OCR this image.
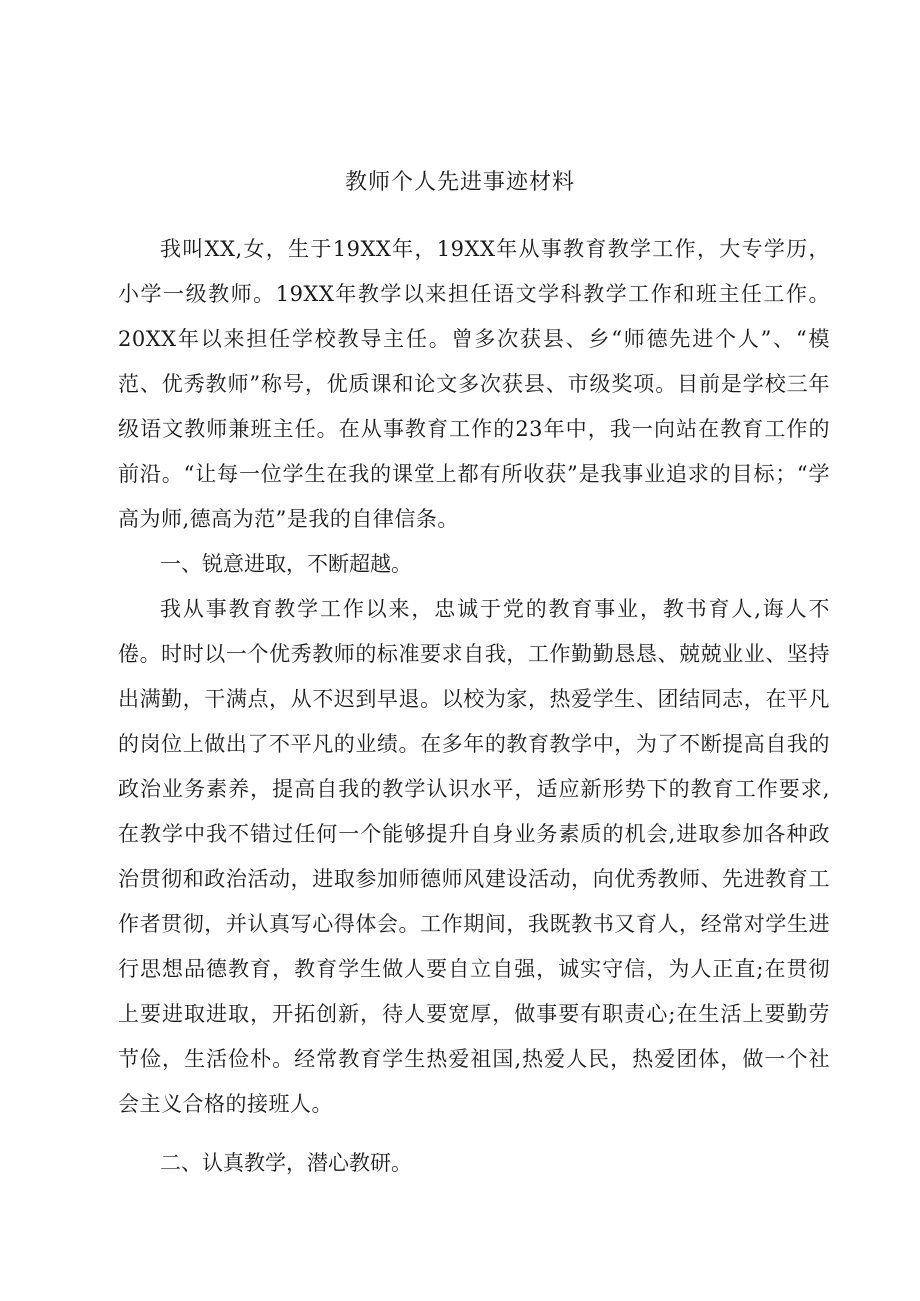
教师个人先进事迹材料

我叫XX,女，生于19XX年，19XX年从事教育教学工作，大专学历，小学一级教师。19XX年教学以来担任语文学科教学工作和班主任工作。20XX年以来担任学校教导主任。曾多次获县、乡“师德先进个人”、“模范、优秀教师”称号，优质课和论文多次获县、市级奖项。目前是学校三年级语文教师兼班主任。在从事教育工作的23年中，我一向站在教育工作的前沿。“让每一位学生在我的课堂上都有所收获”是我事业追求的目标；“学高为师,德高为范”是我的自律信条。

一、锐意进取，不断超越。

我从事教育教学工作以来，忠诚于党的教育事业，教书育人,诲人不倦。时时以一个优秀教师的标准要求自我，工作勤勤恳恳、兢兢业业、坚持出满勤，干满点，从不迟到早退。以校为家，热爱学生、团结同志，在平凡的岗位上做出了不平凡的业绩。在多年的教育教学中，为了不断提高自我的政治业务素养，提高自我的教学认识水平，适应新形势下的教育工作要求,在教学中我不错过任何一个能够提升自身业务素质的机会,进取参加各种政治贯彻和政治活动，进取参加师德师风建设活动，向优秀教师、先进教育工作者贯彻，并认真写心得体会。工作期间，我既教书又育人，经常对学生进行思想品德教育，教育学生做人要自立自强，诚实守信，为人正直;在贯彻上要进取进取，开拓创新，待人要宽厚，做事要有职责心;在生活上要勤劳节俭，生活俭朴。经常教育学生热爱祖国,热爱人民，热爱团体，做一个社会主义合格的接班人。

二、认真教学，潜心教研。
